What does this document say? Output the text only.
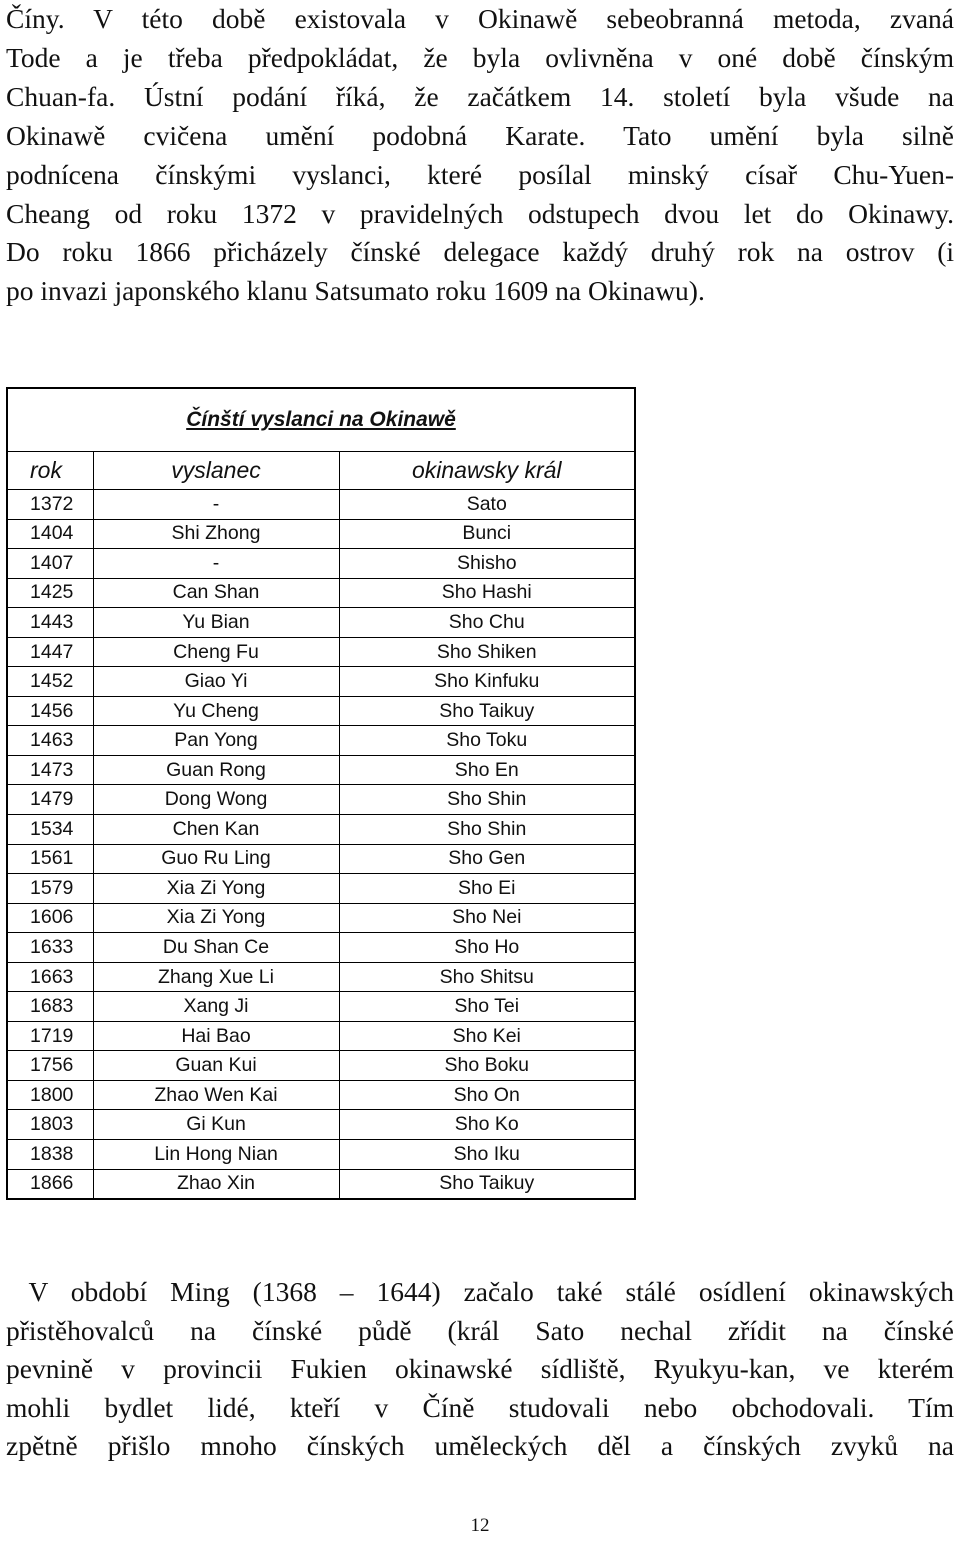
Číny. V této době existovala v Okinawě sebeobranná metoda, zvaná
Tode a je třeba předpokládat, že byla ovlivněna v oné době čínským
Chuan-fa. Ústní podání říká, že začátkem 14. století byla všude na
Okinawě cvičena umění podobná Karate. Tato umění byla silně
podnícena čínskými vyslanci, které posílal minský císař Chu-Yuen-
Cheang od roku 1372 v pravidelných odstupech dvou let do Okinawy.
Do roku 1866 přicházely čínské delegace každý druhý rok na ostrov (i
po invazi japonského klanu Satsumato roku 1609 na Okinawu).
Čínští vyslanci na Okinawě
rok	vyslanec	okinawsky král
1372	-	Sato
1404	Shi Zhong	Bunci
1407	-	Shisho
1425	Can Shan	Sho Hashi
1443	Yu Bian	Sho Chu
1447	Cheng Fu	Sho Shiken
1452	Giao Yi	Sho Kinfuku
1456	Yu Cheng	Sho Taikuy
1463	Pan Yong	Sho Toku
1473	Guan Rong	Sho En
1479	Dong Wong	Sho Shin
1534	Chen Kan	Sho Shin
1561	Guo Ru Ling	Sho Gen
1579	Xia Zi Yong	Sho Ei
1606	Xia Zi Yong	Sho Nei
1633	Du Shan Ce	Sho Ho
1663	Zhang Xue Li	Sho Shitsu
1683	Xang Ji	Sho Tei
1719	Hai Bao	Sho Kei
1756	Guan Kui	Sho Boku
1800	Zhao Wen Kai	Sho On
1803	Gi Kun	Sho Ko
1838	Lin Hong Nian	Sho Iku
1866	Zhao Xin	Sho Taikuy
V období Ming (1368 – 1644) začalo také stálé osídlení okinawských
přistěhovalců na čínské půdě (král Sato nechal zřídit na čínské
pevnině v provincii Fukien okinawské sídliště, Ryukyu-kan, ve kterém
mohli bydlet lidé, kteří v Číně studovali nebo obchodovali. Tím
zpětně přišlo mnoho čínských uměleckých děl a čínských zvyků na
12
